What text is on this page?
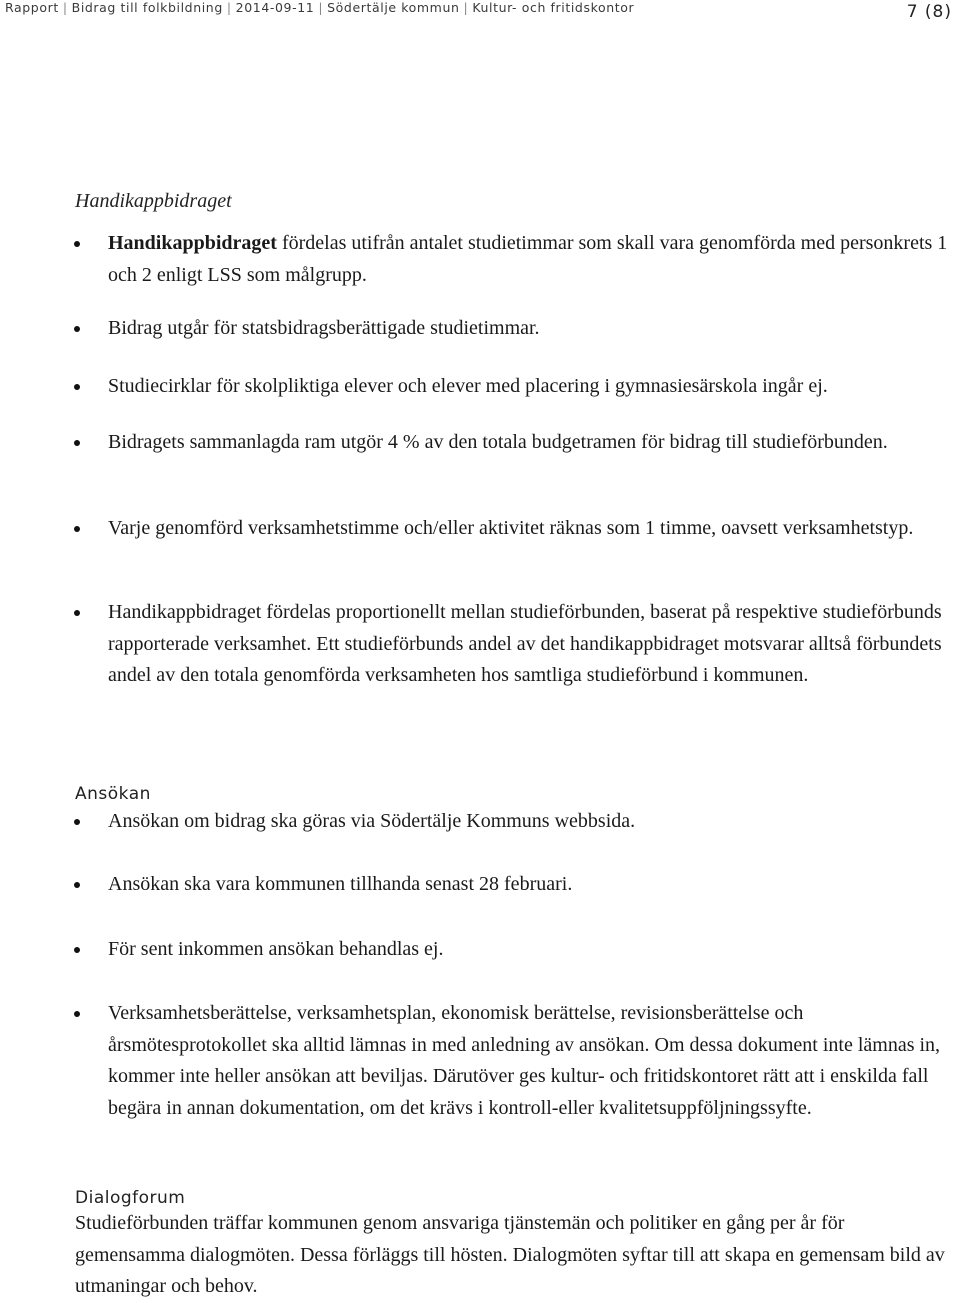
Rapport | Bidrag till folkbildning | 2014-09-11 | Södertälje kommun | Kultur- och fritidskontor	7 (8)
Handikappbidraget
Handikappbidraget fördelas utifrån antalet studietimmar som skall vara genomförda med personkrets 1 och 2 enligt LSS som målgrupp.
Bidrag utgår för statsbidragsberättigade studietimmar.
Studiecirklar för skolpliktiga elever och elever med placering i gymnasiesärskola ingår ej.
Bidragets sammanlagda ram utgör 4 % av den totala budgetramen för bidrag till studieförbunden.
Varje genomförd verksamhetstimme och/eller aktivitet räknas som 1 timme, oavsett verksamhetstyp.
Handikappbidraget fördelas proportionellt mellan studieförbunden, baserat på respektive studieförbunds rapporterade verksamhet. Ett studieförbunds andel av det handikappbidraget motsvarar alltså förbundets andel av den totala genomförda verksamheten hos samtliga studieförbund i kommunen.
Ansökan
Ansökan om bidrag ska göras via Södertälje Kommuns webbsida.
Ansökan ska vara kommunen tillhanda senast 28 februari.
För sent inkommen ansökan behandlas ej.
Verksamhetsberättelse, verksamhetsplan, ekonomisk berättelse, revisionsberättelse och årsmötesprotokollet ska alltid lämnas in med anledning av ansökan. Om dessa dokument inte lämnas in, kommer inte heller ansökan att beviljas. Därutöver ges kultur- och fritidskontoret rätt att i enskilda fall begära in annan dokumentation, om det krävs i kontroll-eller kvalitetsuppföljningssyfte.
Dialogforum
Studieförbunden träffar kommunen genom ansvariga tjänstemän och politiker en gång per år för gemensamma dialogmöten. Dessa förläggs till hösten. Dialogmöten syftar till att skapa en gemensam bild av utmaningar och behov.
